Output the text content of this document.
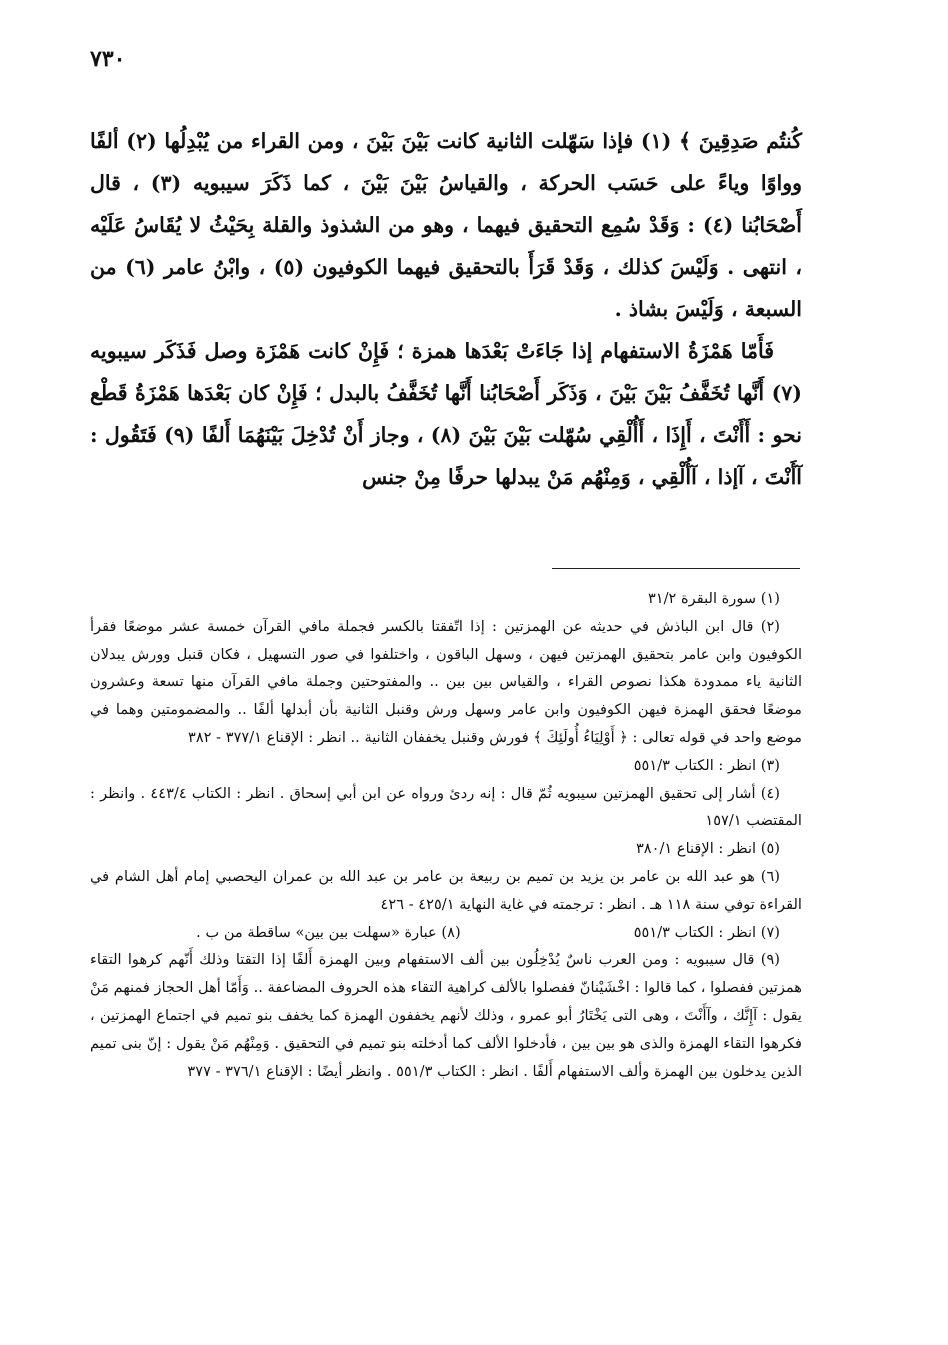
٧٣٠

كُنتُم صَدِقِينَ ﴾ (١) فإذا سَهّلت الثانية كانت بَيْنَ بَيْنَ ، ومن القراء من يُبْدِلُها (٢) ألفًا وواوًا وياءً على حَسَب الحركة ، والقياسُ بَيْنَ بَيْنَ ، كما ذَكَرَ سيبويه (٣) ، قال أَصْحَابُنا (٤) : وَقَدْ سُمِع التحقيق فيهما ، وهو من الشذوذ والقلة بِحَيْثُ لا يُقَاسُ عَلَيْه ، انتهى . وَلَيْسَ كذلك ، وَقَدْ قَرَأَ بالتحقيق فيهما الكوفيون (٥) ، وابْنُ عامر (٦) من السبعة ، وَلَيْسَ بشاذ .

فَأَمّا هَمْزَةُ الاستفهام إذا جَاءَتْ بَعْدَها همزة ؛ فَإِنْ كانت هَمْزَة وصل فَذَكَر سيبويه (٧) أَنَّها تُخَفَّفُ بَيْنَ بَيْنَ ، وَذَكَر أَصْحَابُنا أَنَّها تُخَفَّفُ بالبدل ؛ فَإِنْ كان بَعْدَها هَمْزَةُ قَطْع نحو : أَأَنْتَ ، أَإِذَا ، أَأُلْقِي سُهّلت بَيْنَ بَيْنَ (٨) ، وجاز أَنْ تُدْخِلَ بَيْنَهُمَا أَلفًا (٩) فَتَقُول : آأَنْتَ ، آإذا ، آأُلْقِي ، وَمِنْهُم مَنْ يبدلها حرفًا مِنْ جنس

(١) سورة البقرة ٣١/٢
(٢) قال ابن الباذش في حديثه عن الهمزتين : إذا اتّفقتا بالكسر فجملة مافي القرآن خمسة عشر موضعًا فقرأ الكوفيون وابن عامر بتحقيق الهمزتين فيهن ، وسهل الباقون ، واختلفوا في صور التسهيل ، فكان قنبل وورش يبدلان الثانية ياء ممدودة هكذا نصوص القراء ، والقياس بين بين .. والمفتوحتين وجملة مافي القرآن منها تسعة وعشرون موضعًا فحقق الهمزة فيهن الكوفيون وابن عامر وسهل ورش وقنبل الثانية بأن أبدلها ألفًا .. والمضمومتين وهما في موضع واحد في قوله تعالى : ﴿ أَوْلِيَاءُ أُولَئِكَ ﴾ فورش وقنبل يخففان الثانية .. انظر : الإقناع ٣٧٧/١ - ٣٨٢
(٣) انظر : الكتاب ٥٥١/٣
(٤) أشار إلى تحقيق الهمزتين سيبويه ثُمّ قال : إنه ردئ ورواه عن ابن أبي إسحاق . انظر : الكتاب ٤٤٣/٤ . وانظر : المقتضب ١٥٧/١
(٥) انظر : الإقناع ٣٨٠/١
(٦) هو عبد الله بن عامر بن يزيد بن تميم بن ربيعة بن عامر بن عبد الله بن عمران اليحصبي إمام أهل الشام في القراءة توفي سنة ١١٨ هـ . انظر : ترجمته في غاية النهاية ٤٢٥/١ - ٤٢٦
(٧) انظر : الكتاب ٥٥١/٣
(٨) عبارة «سهلت بين بين» ساقطة من ب .
(٩) قال سيبويه : ومن العرب ناسٌ يُدْخِلُون بين ألف الاستفهام وبين الهمزة أَلفًا إذا التقتا وذلك أَنّهم كرهوا التقاء همزتين ففصلوا ، كما قالوا : اخْشَيْنانّ ففصلوا بالألف كراهية التقاء هذه الحروف المضاعفة .. وَأَمّا أهل الحجاز فمنهم مَنْ يقول : آإِنَّك ، وآأَنْتَ ، وهى التى يَخْتَارُ أبو عمرو ، وذلك لأنهم يخففون الهمزة كما يخفف بنو تميم في اجتماع الهمزتين ، فكرهوا التقاء الهمزة والذى هو بين بين ، فأدخلوا الألف كما أدخلته بنو تميم في التحقيق . وَمِنْهُم مَنْ يقول : إنّ بنى تميم الذين يدخلون بين الهمزة وألف الاستفهام أَلفًا . انظر : الكتاب ٥٥١/٣ . وانظر أيضًا : الإقناع ٣٧٦/١ - ٣٧٧
